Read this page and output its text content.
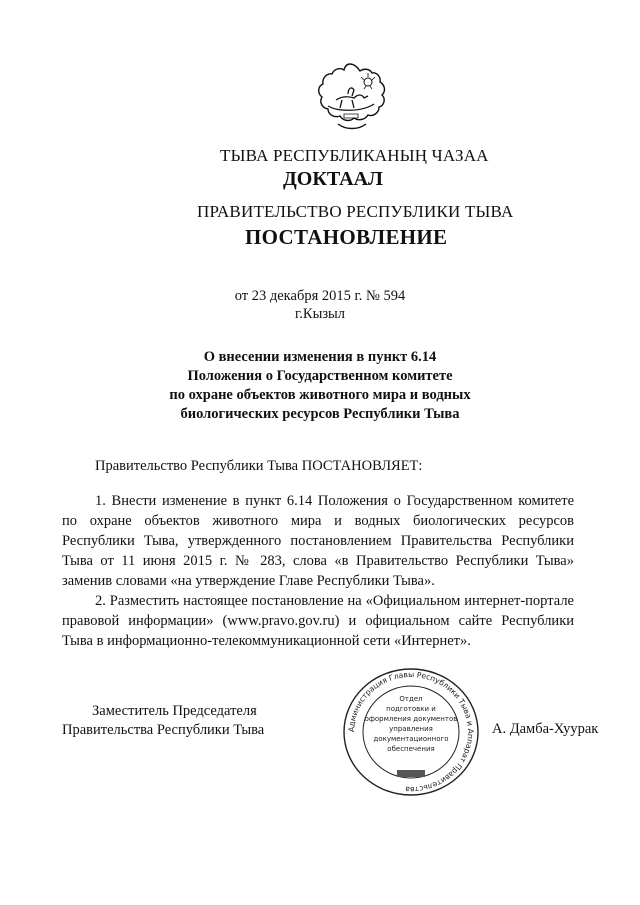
ТЫВА РЕСПУБЛИКАНЫҢ ЧАЗАА
ДОКТААЛ
ПРАВИТЕЛЬСТВО РЕСПУБЛИКИ ТЫВА
ПОСТАНОВЛЕНИЕ
от 23 декабря 2015 г. № 594
г.Кызыл
О внесении изменения в пункт 6.14
Положения о Государственном комитете
по охране объектов животного мира и водных
биологических ресурсов Республики Тыва
Правительство Республики Тыва ПОСТАНОВЛЯЕТ:

1. Внести изменение в пункт 6.14 Положения о Государственном комитете по охране объектов животного мира и водных биологических ресурсов Республики Тыва, утвержденного постановлением Правительства Республики Тыва от 11 июня 2015 г. № 283, слова «в Правительство Республики Тыва» заменив словами «на утверждение Главе Республики Тыва».

2. Разместить настоящее постановление на «Официальном интернет-портале правовой информации» (www.pravo.gov.ru) и официальном сайте Республики Тыва в информационно-телекоммуникационной сети «Интернет».

Заместитель Председателя
Правительства Республики Тыва	А. Дамба-Хуурак
Администрация Главы Республики Тыва и Аппарат Правительства
Отдел
подготовки и
оформления документов
управления
документационного
обеспечения
